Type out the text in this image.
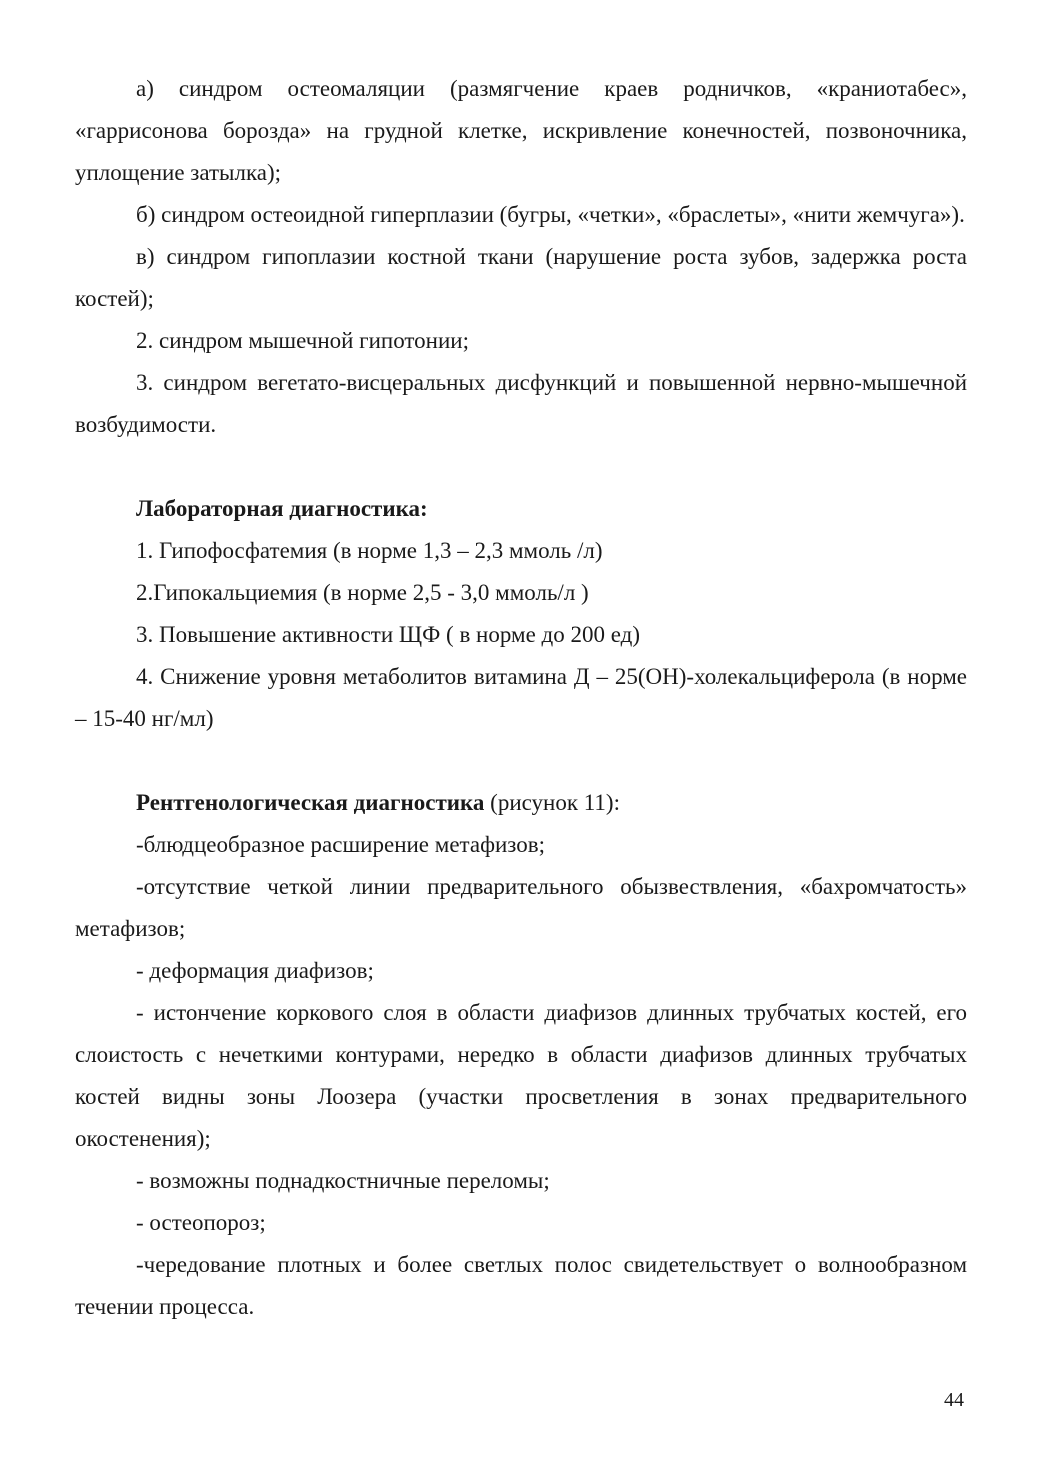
а) синдром остеомаляции (размягчение краев родничков, «краниотабес», «гаррисонова борозда» на грудной клетке, искривление конечностей, позвоночника, уплощение затылка);

б) синдром остеоидной гиперплазии (бугры, «четки», «браслеты», «нити жемчуга»).

в) синдром гипоплазии костной ткани (нарушение роста зубов, задержка роста костей);

2. синдром мышечной гипотонии;

3. синдром вегетато-висцеральных дисфункций и повышенной нервно-мышечной возбудимости.

Лабораторная диагностика:

1. Гипофосфатемия (в норме 1,3 – 2,3 ммоль /л)

2.Гипокальциемия (в норме 2,5 - 3,0 ммоль/л )

3. Повышение активности ЩФ ( в норме до 200 ед)

4. Снижение уровня метаболитов витамина Д – 25(ОН)-холекальциферола (в норме – 15-40 нг/мл)

Рентгенологическая диагностика (рисунок 11):

-блюдцеобразное расширение метафизов;

-отсутствие четкой линии предварительного обызвествления, «бахромчатость» метафизов;

- деформация диафизов;

- истончение коркового слоя в области диафизов длинных трубчатых костей, его слоистость с нечеткими контурами, нередко в области диафизов длинных трубчатых костей видны зоны Лоозера (участки просветления в зонах предварительного окостенения);

- возможны поднадкостничные переломы;

- остеопороз;

-чередование плотных и более светлых полос свидетельствует о волнообразном течении процесса.

44
